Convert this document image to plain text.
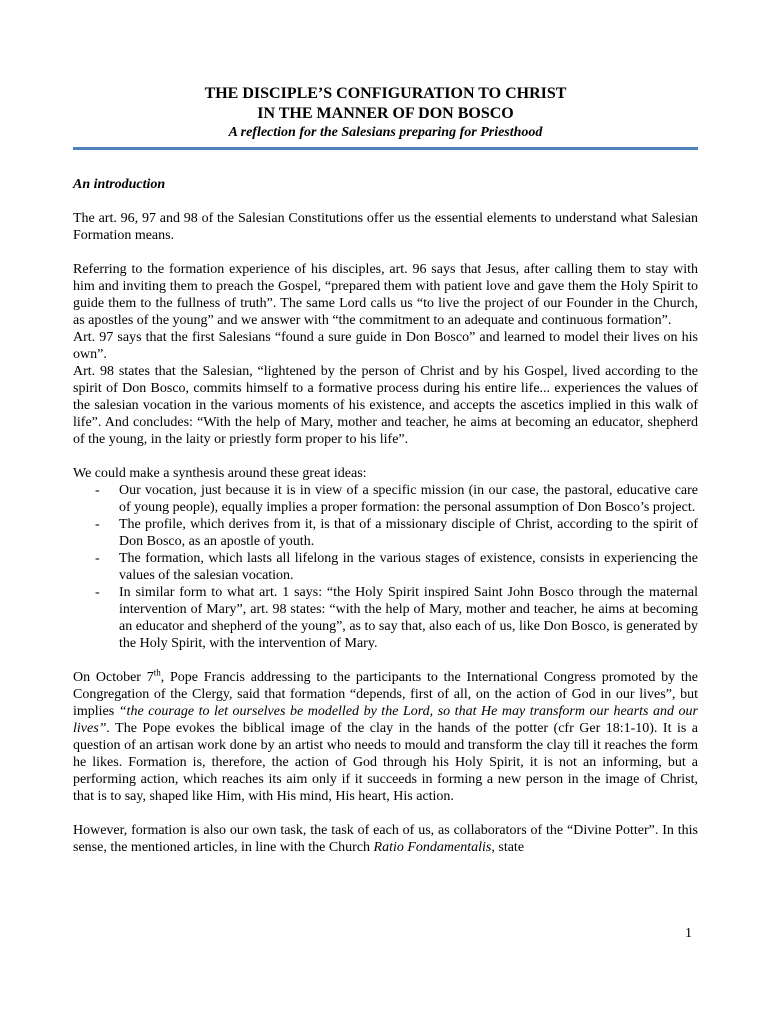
THE DISCIPLE’S CONFIGURATION TO CHRIST
IN THE MANNER OF DON BOSCO
A reflection for the Salesians preparing for Priesthood
An introduction

The art. 96, 97 and 98 of the Salesian Constitutions offer us the essential elements to understand what Salesian Formation means.

Referring to the formation experience of his disciples, art. 96 says that Jesus, after calling them to stay with him and inviting them to preach the Gospel, “prepared them with patient love and gave them the Holy Spirit to guide them to the fullness of truth”. The same Lord calls us “to live the project of our Founder in the Church, as apostles of the young” and we answer with “the commitment to an adequate and continuous formation”.

Art. 97 says that the first Salesians “found a sure guide in Don Bosco” and learned to model their lives on his own”.

Art. 98 states that the Salesian, “lightened by the person of Christ and by his Gospel, lived according to the spirit of Don Bosco, commits himself to a formative process during his entire life... experiences the values of the salesian vocation in the various moments of his existence, and accepts the ascetics implied in this walk of life”. And concludes: “With the help of Mary, mother and teacher, he aims at becoming an educator, shepherd of the young, in the laity or priestly form proper to his life”.

We could make a synthesis around these great ideas:

- Our vocation, just because it is in view of a specific mission (in our case, the pastoral, educative care of young people), equally implies a proper formation: the personal assumption of Don Bosco’s project.
- The profile, which derives from it, is that of a missionary disciple of Christ, according to the spirit of Don Bosco, as an apostle of youth.
- The formation, which lasts all lifelong in the various stages of existence, consists in experiencing the values of the salesian vocation.
- In similar form to what art. 1 says: “the Holy Spirit inspired Saint John Bosco through the maternal intervention of Mary”, art. 98 states: “with the help of Mary, mother and teacher, he aims at becoming an educator and shepherd of the young”, as to say that, also each of us, like Don Bosco, is generated by the Holy Spirit, with the intervention of Mary.

On October 7th, Pope Francis addressing to the participants to the International Congress promoted by the Congregation of the Clergy, said that formation “depends, first of all, on the action of God in our lives”, but implies “the courage to let ourselves be modelled by the Lord, so that He may transform our hearts and our lives”. The Pope evokes the biblical image of the clay in the hands of the potter (cfr Ger 18:1-10). It is a question of an artisan work done by an artist who needs to mould and transform the clay till it reaches the form he likes. Formation is, therefore, the action of God through his Holy Spirit, it is not an informing, but a performing action, which reaches its aim only if it succeeds in forming a new person in the image of Christ, that is to say, shaped like Him, with His mind, His heart, His action.

However, formation is also our own task, the task of each of us, as collaborators of the “Divine Potter”. In this sense, the mentioned articles, in line with the Church Ratio Fondamentalis, state

1
